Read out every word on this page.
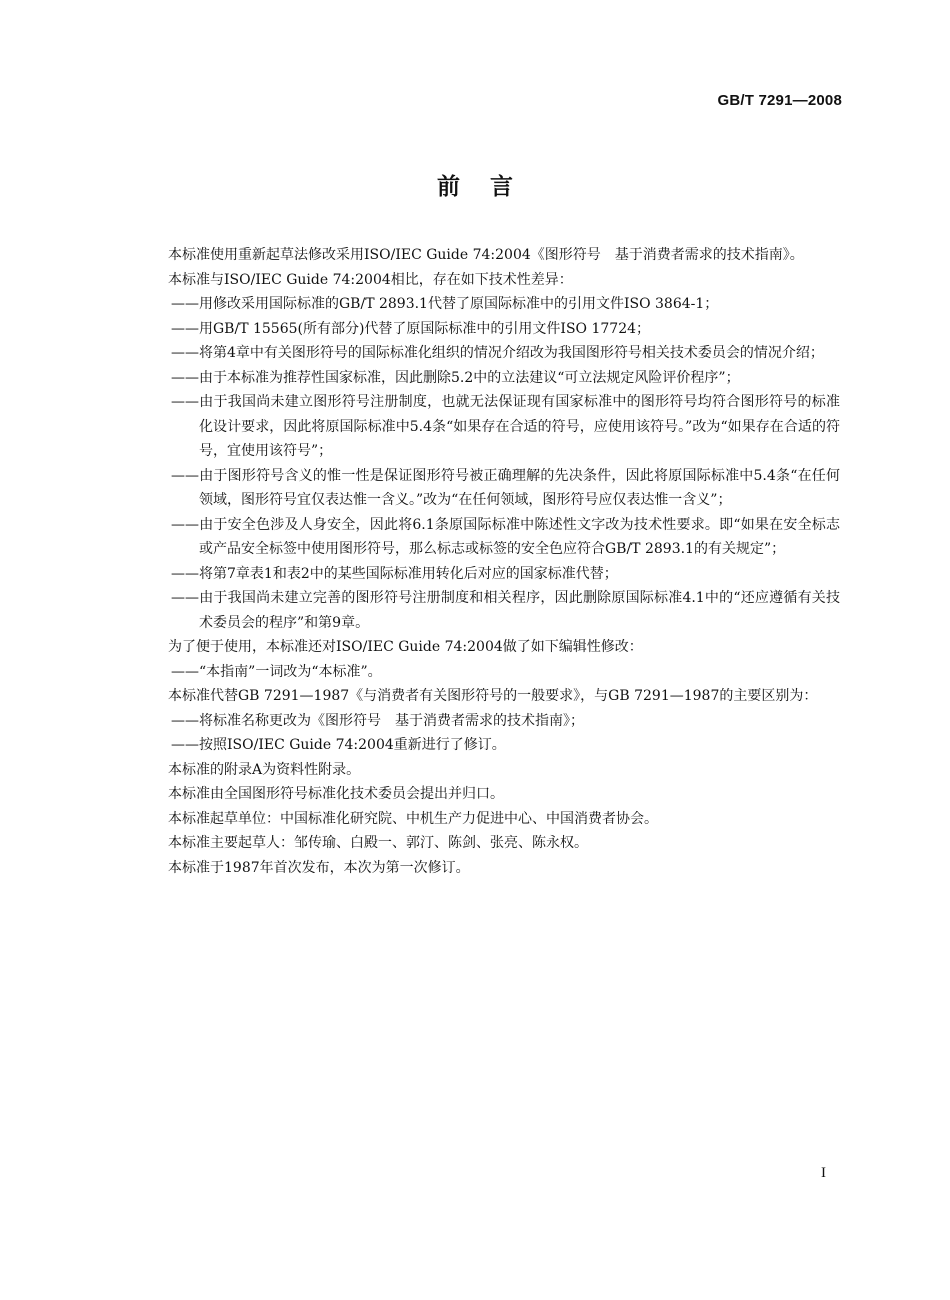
GB/T 7291—2008
前言

本标准使用重新起草法修改采用ISO/IEC Guide 74:2004《图形符号　基于消费者需求的技术指南》。

本标准与ISO/IEC Guide 74:2004相比，存在如下技术性差异：

——用修改采用国际标准的GB/T 2893.1代替了原国际标准中的引用文件ISO 3864-1；

——用GB/T 15565(所有部分)代替了原国际标准中的引用文件ISO 17724；

——将第4章中有关图形符号的国际标准化组织的情况介绍改为我国图形符号相关技术委员会的情况介绍；

——由于本标准为推荐性国家标准，因此删除5.2中的立法建议“可立法规定风险评价程序”；

——由于我国尚未建立图形符号注册制度，也就无法保证现有国家标准中的图形符号均符合图形符号的标准化设计要求，因此将原国际标准中5.4条“如果存在合适的符号，应使用该符号。”改为“如果存在合适的符号，宜使用该符号”；

——由于图形符号含义的惟一性是保证图形符号被正确理解的先决条件，因此将原国际标准中5.4条“在任何领域，图形符号宜仅表达惟一含义。”改为“在任何领域，图形符号应仅表达惟一含义”；

——由于安全色涉及人身安全，因此将6.1条原国际标准中陈述性文字改为技术性要求。即“如果在安全标志或产品安全标签中使用图形符号，那么标志或标签的安全色应符合GB/T 2893.1的有关规定”；

——将第7章表1和表2中的某些国际标准用转化后对应的国家标准代替；

——由于我国尚未建立完善的图形符号注册制度和相关程序，因此删除原国际标准4.1中的“还应遵循有关技术委员会的程序”和第9章。

为了便于使用，本标准还对ISO/IEC Guide 74:2004做了如下编辑性修改：

——“本指南”一词改为“本标准”。

本标准代替GB 7291—1987《与消费者有关图形符号的一般要求》，与GB 7291—1987的主要区别为：

——将标准名称更改为《图形符号　基于消费者需求的技术指南》；

——按照ISO/IEC Guide 74:2004重新进行了修订。

本标准的附录A为资料性附录。

本标准由全国图形符号标准化技术委员会提出并归口。

本标准起草单位：中国标准化研究院、中机生产力促进中心、中国消费者协会。

本标准主要起草人：邹传瑜、白殿一、郭汀、陈剑、张亮、陈永权。

本标准于1987年首次发布，本次为第一次修订。

I
